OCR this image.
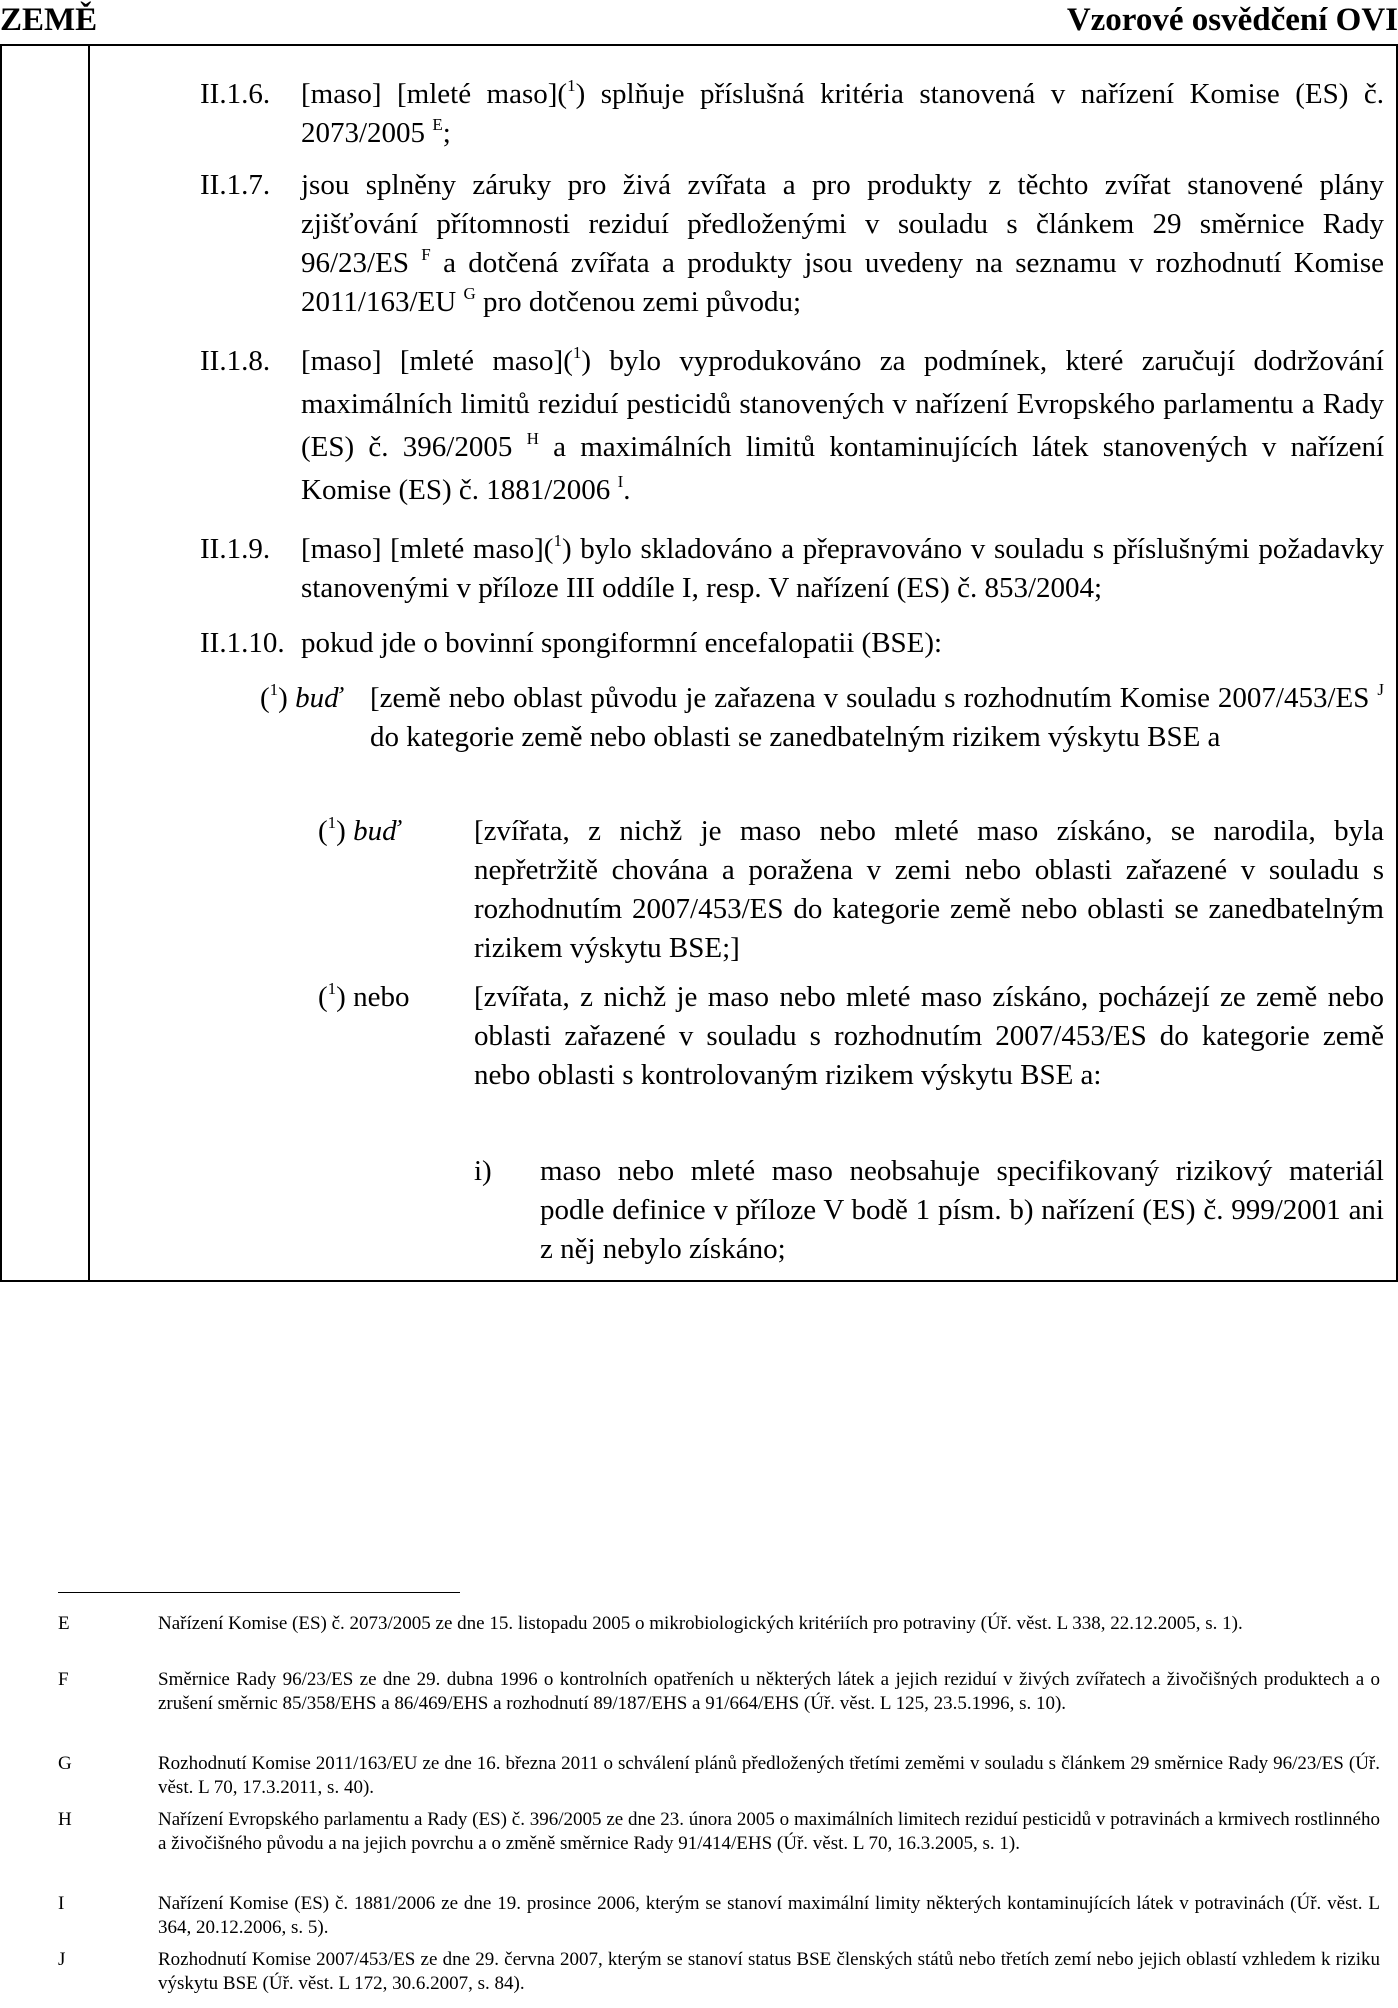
ZEMĚ	Vzorové osvědčení OVI
II.1.6. [maso] [mleté maso]($^1$) splňuje příslušná kritéria stanovená v nařízení Komise (ES) č. 2073/2005 $^E$;
II.1.7. jsou splněny záruky pro živá zvířata a pro produkty z těchto zvířat stanovené plány zjišťování přítomnosti reziduí předloženými v souladu s článkem 29 směrnice Rady 96/23/ES $^F$ a dotčená zvířata a produkty jsou uvedeny na seznamu v rozhodnutí Komise 2011/163/EU $^G$ pro dotčenou zemi původu;
II.1.8. [maso] [mleté maso]($^1$) bylo vyprodukováno za podmínek, které zaručují dodržování maximálních limitů reziduí pesticidů stanovených v nařízení Evropského parlamentu a Rady (ES) č. 396/2005 $^H$ a maximálních limitů kontaminujících látek stanovených v nařízení Komise (ES) č. 1881/2006 $^I$.
II.1.9. [maso] [mleté maso]($^1$) bylo skladováno a přepravováno v souladu s příslušnými požadavky stanovenými v příloze III oddíle I, resp. V nařízení (ES) č. 853/2004;
II.1.10. pokud jde o bovinní spongiformní encefalopatii (BSE):
($^1$) buď [země nebo oblast původu je zařazena v souladu s rozhodnutím Komise 2007/453/ES $^J$ do kategorie země nebo oblasti se zanedbatelným rizikem výskytu BSE a
($^1$) buď	[zvířata, z nichž je maso nebo mleté maso získáno, se narodila, byla nepřetržitě chována a poražena v zemi nebo oblasti zařazené v souladu s rozhodnutím 2007/453/ES do kategorie země nebo oblasti se zanedbatelným rizikem výskytu BSE;]
($^1$) nebo [zvířata, z nichž je maso nebo mleté maso získáno, pocházejí ze země nebo oblasti zařazené v souladu s rozhodnutím 2007/453/ES do kategorie země nebo oblasti s kontrolovaným rizikem výskytu BSE a:
i) maso nebo mleté maso neobsahuje specifikovaný rizikový materiál podle definice v příloze V bodě 1 písm. b) nařízení (ES) č. 999/2001 ani z něj nebylo získáno;
E	Nařízení Komise (ES) č. 2073/2005 ze dne 15. listopadu 2005 o mikrobiologických kritériích pro potraviny (Úř. věst. L 338, 22.12.2005, s. 1).
F	Směrnice Rady 96/23/ES ze dne 29. dubna 1996 o kontrolních opatřeních u některých látek a jejich reziduí v živých zvířatech a živočišných produktech a o zrušení směrnic 85/358/EHS a 86/469/EHS a rozhodnutí 89/187/EHS a 91/664/EHS (Úř. věst. L 125, 23.5.1996, s. 10).
G	Rozhodnutí Komise 2011/163/EU ze dne 16. března 2011 o schválení plánů předložených třetími zeměmi v souladu s článkem 29 směrnice Rady 96/23/ES (Úř. věst. L 70, 17.3.2011, s. 40).
H	Nařízení Evropského parlamentu a Rady (ES) č. 396/2005 ze dne 23. února 2005 o maximálních limitech reziduí pesticidů v potravinách a krmivech rostlinného a živočišného původu a na jejich povrchu a o změně směrnice Rady 91/414/EHS (Úř. věst. L 70, 16.3.2005, s. 1).
I	Nařízení Komise (ES) č. 1881/2006 ze dne 19. prosince 2006, kterým se stanoví maximální limity některých kontaminujících látek v potravinách (Úř. věst. L 364, 20.12.2006, s. 5).
J	Rozhodnutí Komise 2007/453/ES ze dne 29. června 2007, kterým se stanoví status BSE členských států nebo třetích zemí nebo jejich oblastí vzhledem k riziku výskytu BSE (Úř. věst. L 172, 30.6.2007, s. 84).
